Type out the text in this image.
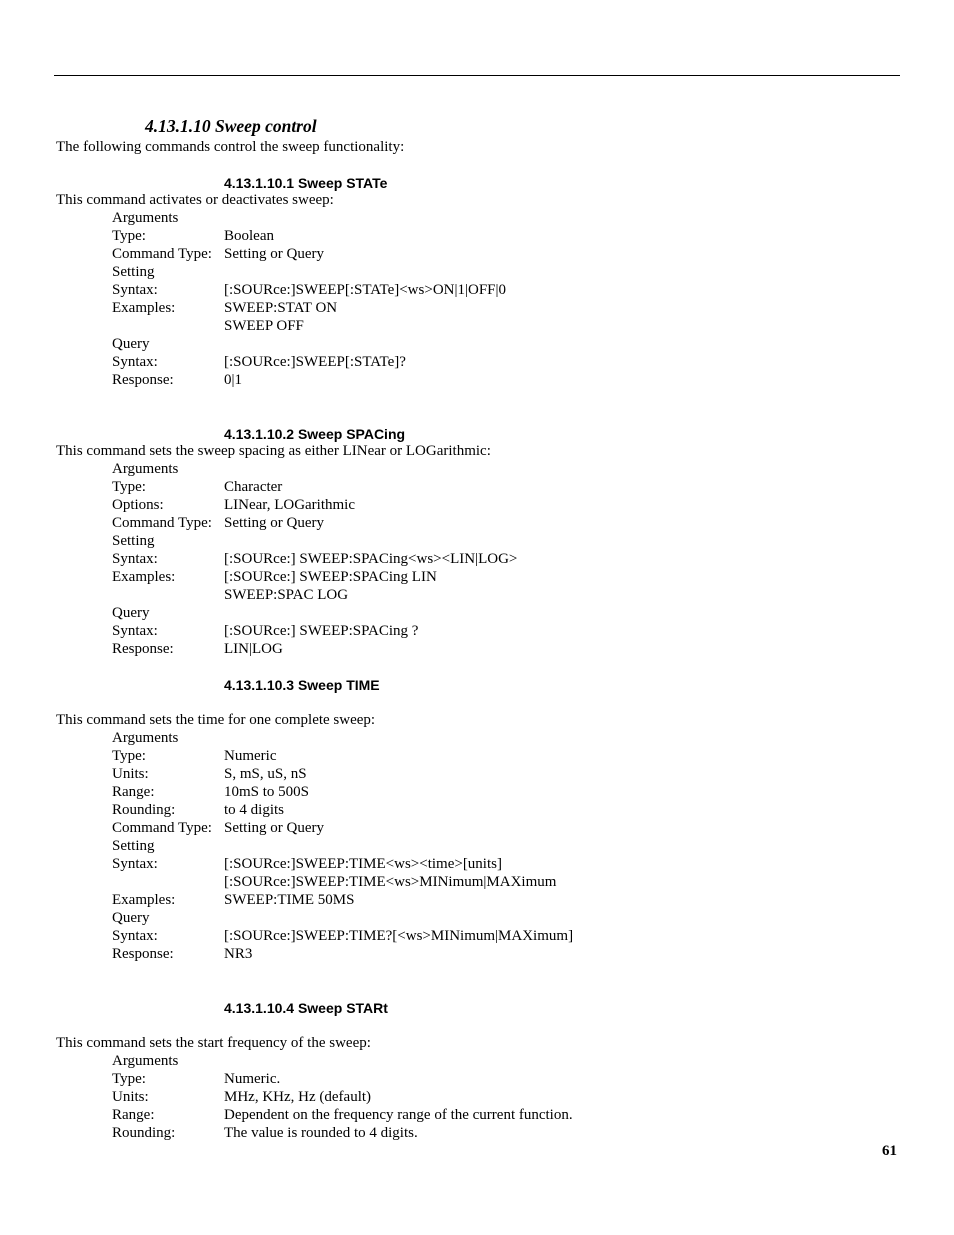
4.13.1.10 Sweep control
The following commands control the sweep functionality:
4.13.1.10.1 Sweep STATe
This command activates or deactivates sweep:
Arguments
Type:	Boolean
Command Type: Setting or Query
Setting
Syntax:	[:SOURce:]SWEEP[:STATe]<ws>ON|1|OFF|0
Examples:	SWEEP:STAT ON
SWEEP OFF
Query
Syntax:	[:SOURce:]SWEEP[:STATe]?
Response:	0|1
4.13.1.10.2 Sweep SPACing
This command sets the sweep spacing as either LINear or LOGarithmic:
Arguments
Type:	Character
Options:	LINear, LOGarithmic
Command Type: Setting or Query
Setting
Syntax:	[:SOURce:] SWEEP:SPACing<ws><LIN|LOG>
Examples:	[:SOURce:] SWEEP:SPACing LIN
SWEEP:SPAC LOG
Query
Syntax:	[:SOURce:] SWEEP:SPACing ?
Response:	LIN|LOG
4.13.1.10.3 Sweep TIME
This command sets the time for one complete sweep:
Arguments
Type:	Numeric
Units:	S, mS, uS, nS
Range:	10mS to 500S
Rounding:	to 4 digits
Command Type: Setting or Query
Setting
Syntax:	[:SOURce:]SWEEP:TIME<ws><time>[units]
[:SOURce:]SWEEP:TIME<ws>MINimum|MAXimum
Examples:	SWEEP:TIME 50MS
Query
Syntax:	[:SOURce:]SWEEP:TIME?[<ws>MINimum|MAXimum]
Response:	NR3
4.13.1.10.4 Sweep STARt
This command sets the start frequency of the sweep:
Arguments
Type:	Numeric.
Units:	MHz, KHz, Hz (default)
Range:	Dependent on the frequency range of the current function.
Rounding:	The value is rounded to 4 digits.
61
